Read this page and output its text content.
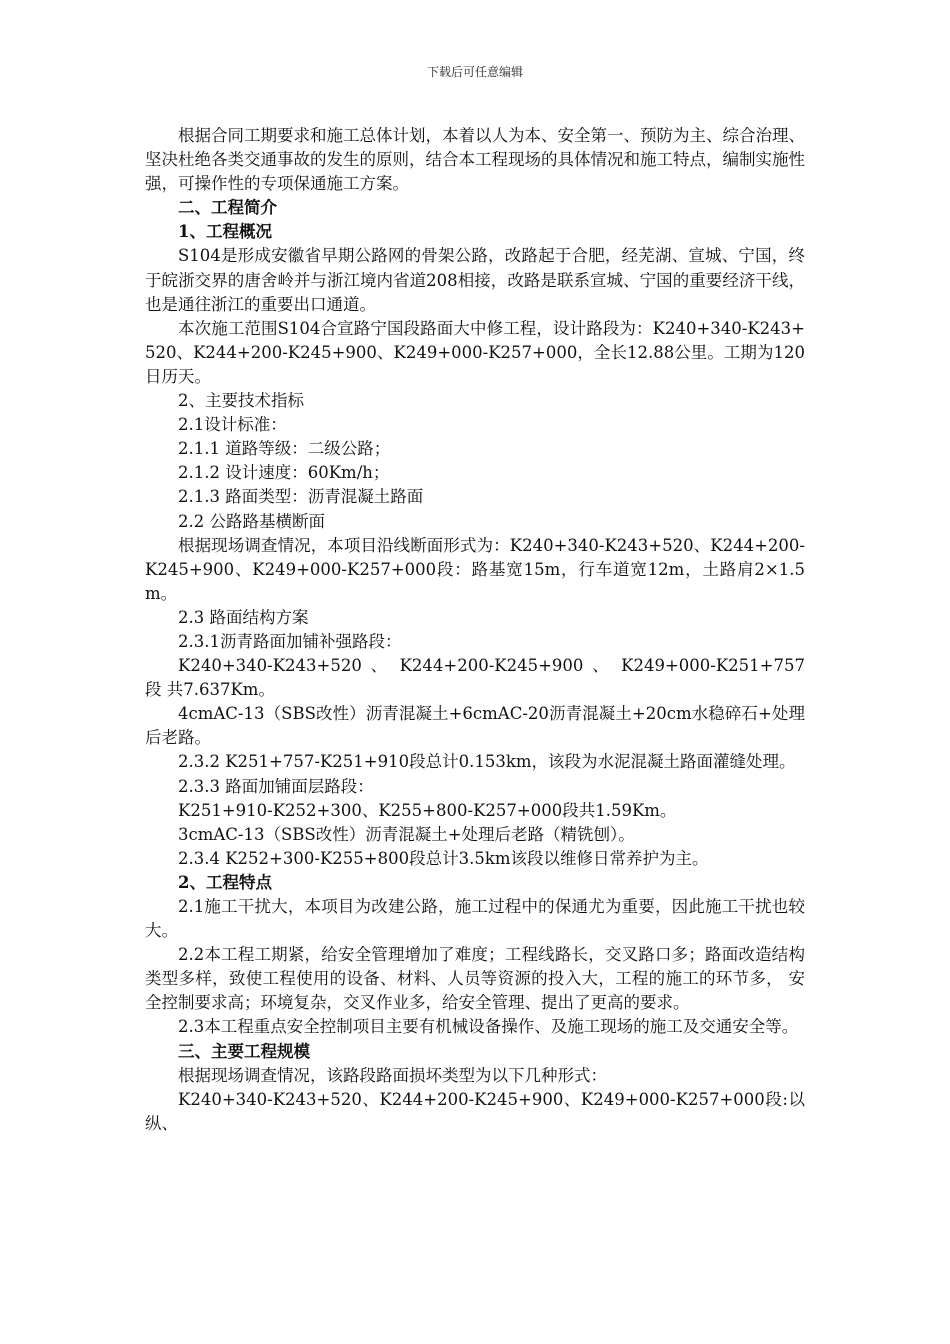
下载后可任意编辑

根据合同工期要求和施工总体计划，本着以人为本、安全第一、预防为主、综合治理、坚决杜绝各类交通事故的发生的原则，结合本工程现场的具体情况和施工特点，编制实施性强，可操作性的专项保通施工方案。

二、工程简介

1、工程概况

S104是形成安徽省早期公路网的骨架公路，改路起于合肥，经芜湖、宣城、宁国，终于皖浙交界的唐舍岭并与浙江境内省道208相接，改路是联系宣城、宁国的重要经济干线，也是通往浙江的重要出口通道。

本次施工范围S104合宣路宁国段路面大中修工程，设计路段为：K240+340-K243+520、K244+200-K245+900、K249+000-K257+000，全长12.88公里。工期为120日历天。

2、主要技术指标

2.1设计标准：

2.1.1 道路等级：二级公路；

2.1.2 设计速度：60Km/h；

2.1.3 路面类型：沥青混凝土路面

2.2 公路路基横断面

根据现场调查情况，本项目沿线断面形式为：K240+340-K243+520、K244+200-K245+900、K249+000-K257+000段：路基宽15m，行车道宽12m，土路肩2×1.5m。

2.3 路面结构方案

2.3.1沥青路面加铺补强路段：

K240+340-K243+520 、 K244+200-K245+900 、 K249+000-K251+757 段 共7.637Km。

4cmAC-13（SBS改性）沥青混凝土+6cmAC-20沥青混凝土+20cm水稳碎石+处理后老路。

2.3.2 K251+757-K251+910段总计0.153km，该段为水泥混凝土路面灌缝处理。

2.3.3 路面加铺面层路段：

K251+910-K252+300、K255+800-K257+000段共1.59Km。

3cmAC-13（SBS改性）沥青混凝土+处理后老路（精铣刨）。

2.3.4 K252+300-K255+800段总计3.5km该段以维修日常养护为主。

2、工程特点

2.1施工干扰大，本项目为改建公路，施工过程中的保通尤为重要，因此施工干扰也较大。

2.2本工程工期紧，给安全管理增加了难度；工程线路长，交叉路口多；路面改造结构类型多样，致使工程使用的设备、材料、人员等资源的投入大，工程的施工的环节多， 安全控制要求高；环境复杂，交叉作业多，给安全管理、提出了更高的要求。

2.3本工程重点安全控制项目主要有机械设备操作、及施工现场的施工及交通安全等。

三、主要工程规模

根据现场调查情况，该路段路面损坏类型为以下几种形式：

K240+340-K243+520、K244+200-K245+900、K249+000-K257+000段:以纵、
